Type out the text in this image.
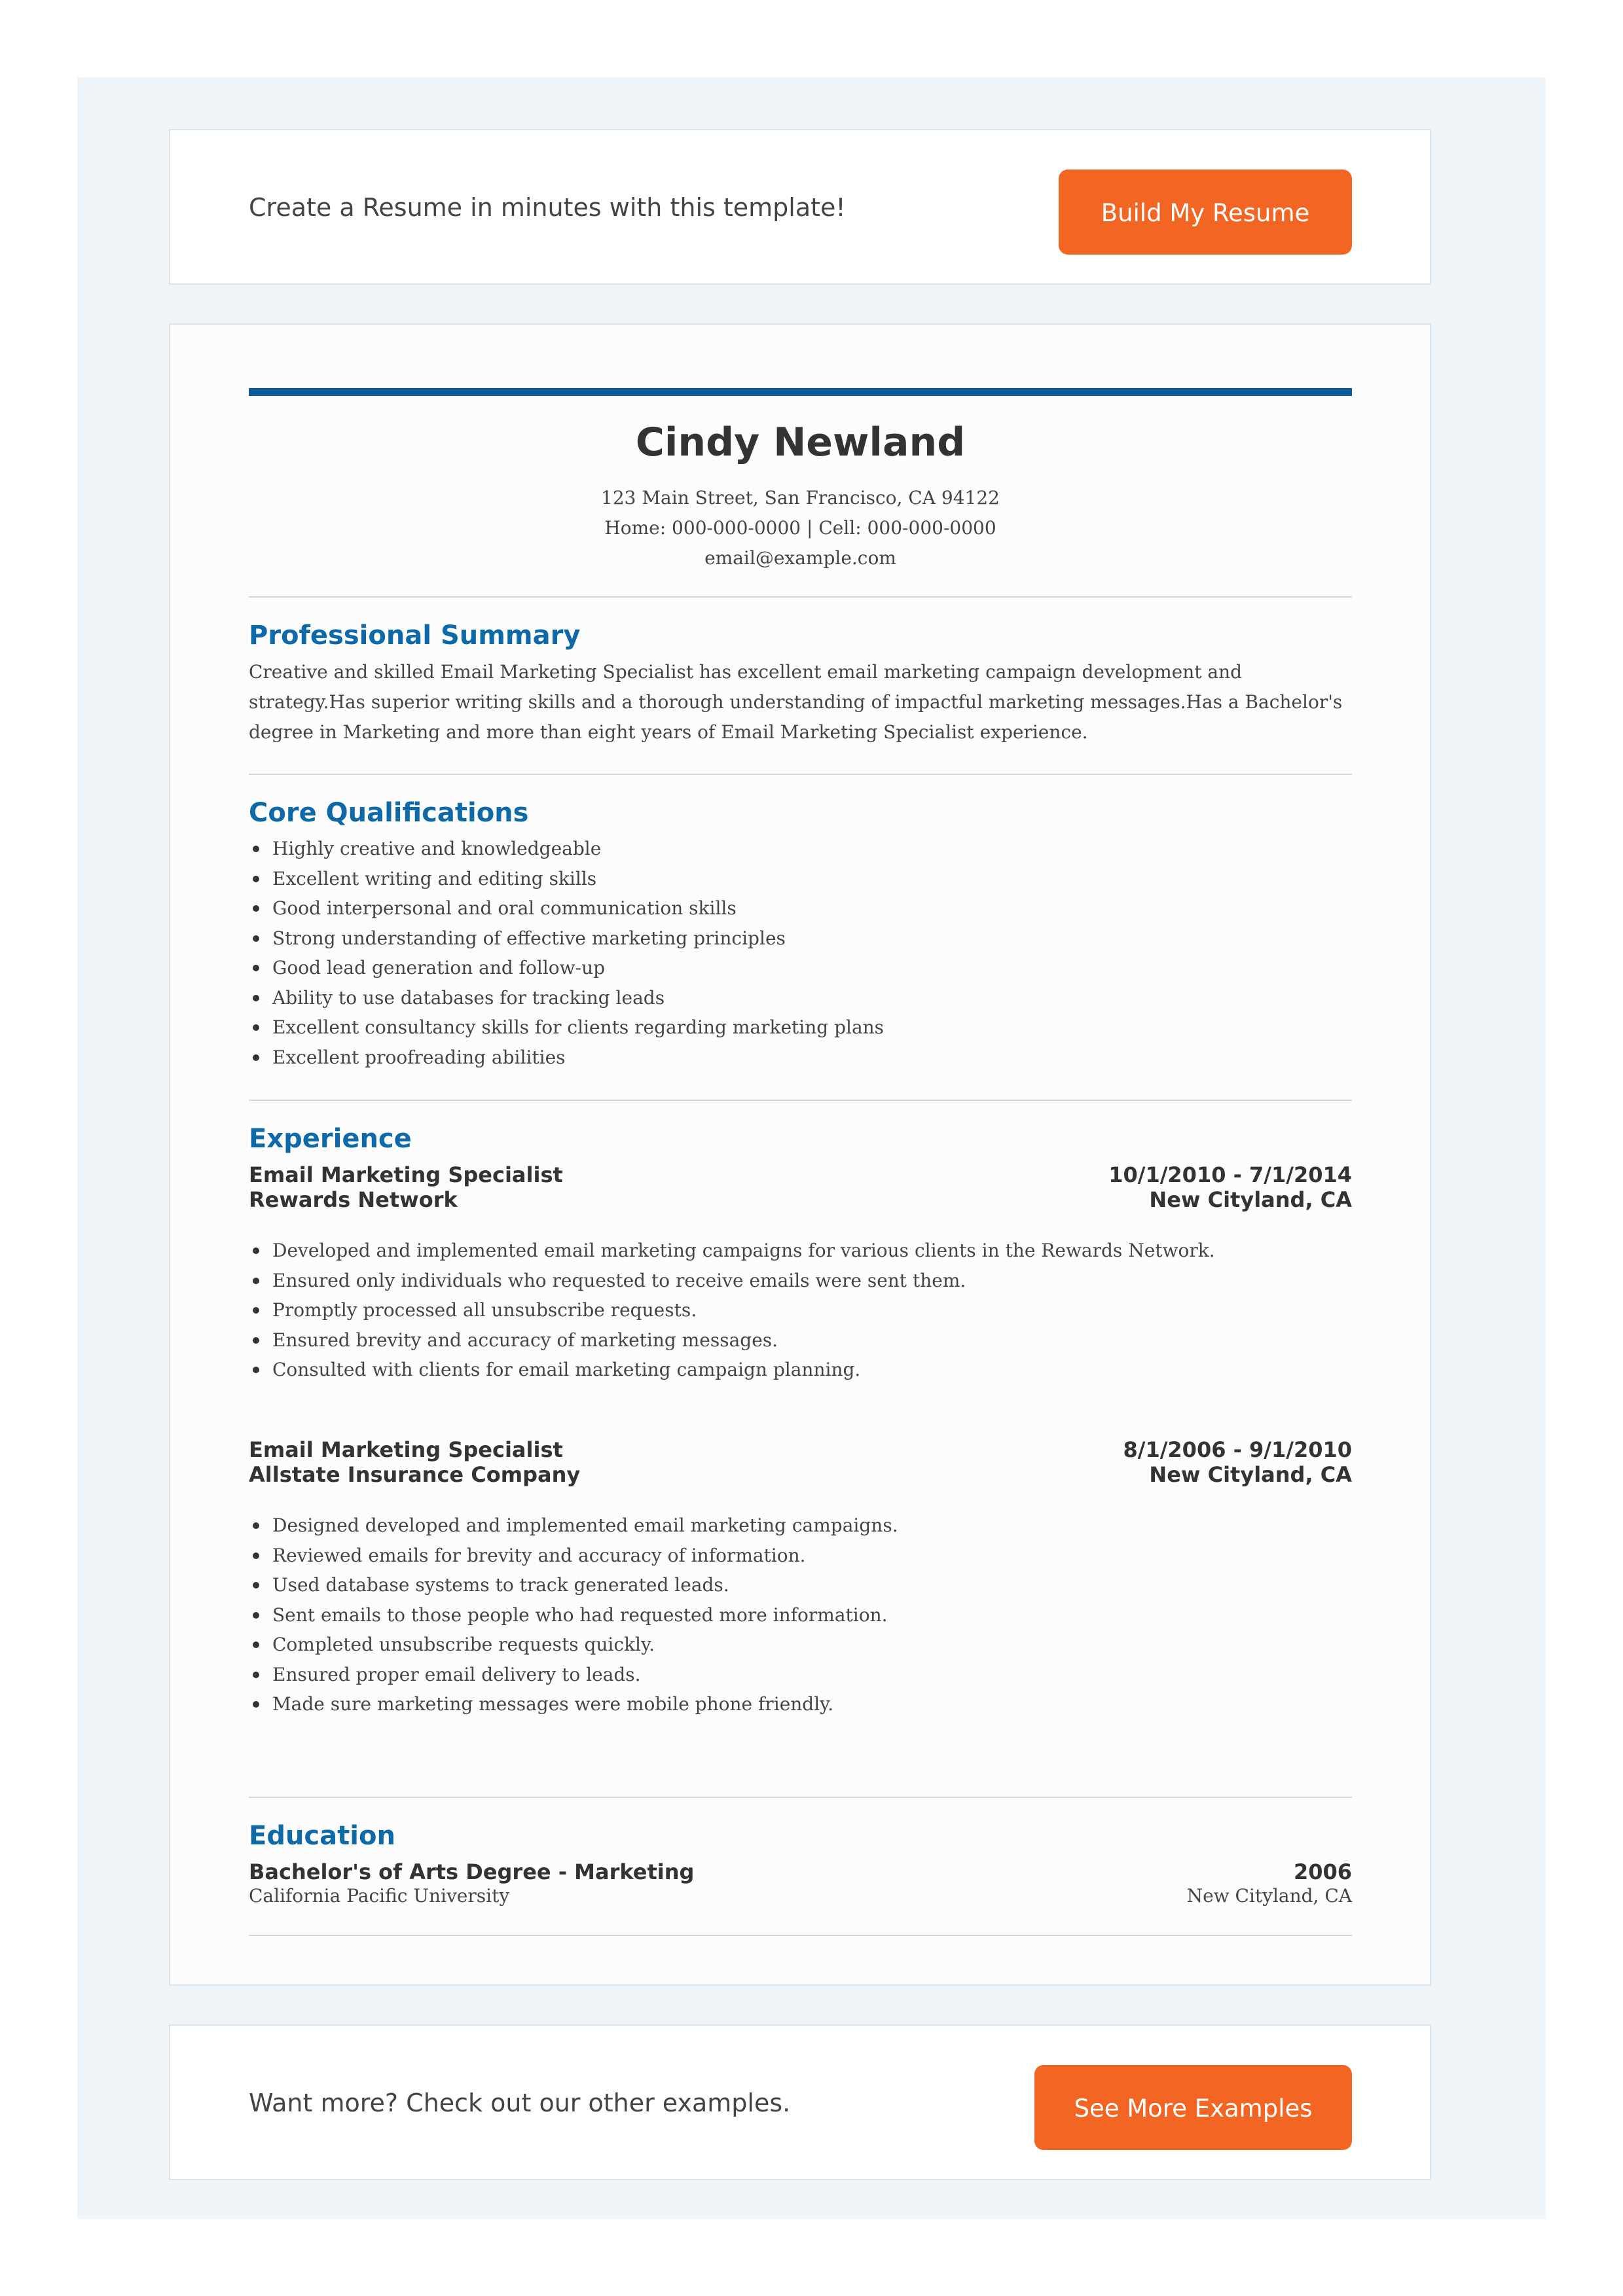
Create a Resume in minutes with this template!	Build My Resume
Cindy Newland
123 Main Street, San Francisco, CA 94122
Home: 000-000-0000 | Cell: 000-000-0000
email@example.com
Professional Summary

Creative and skilled Email Marketing Specialist has excellent email marketing campaign development and strategy.Has superior writing skills and a thorough understanding of impactful marketing messages.Has a Bachelor's degree in Marketing and more than eight years of Email Marketing Specialist experience.

Core Qualifications
Highly creative and knowledgeable
Excellent writing and editing skills
Good interpersonal and oral communication skills
Strong understanding of effective marketing principles
Good lead generation and follow-up
Ability to use databases for tracking leads
Excellent consultancy skills for clients regarding marketing plans
Excellent proofreading abilities
Experience
Email Marketing Specialist	10/1/2010 - 7/1/2014
Rewards Network	New Cityland, CA
Developed and implemented email marketing campaigns for various clients in the Rewards Network.
Ensured only individuals who requested to receive emails were sent them.
Promptly processed all unsubscribe requests.
Ensured brevity and accuracy of marketing messages.
Consulted with clients for email marketing campaign planning.
Email Marketing Specialist	8/1/2006 - 9/1/2010
Allstate Insurance Company	New Cityland, CA
Designed developed and implemented email marketing campaigns.
Reviewed emails for brevity and accuracy of information.
Used database systems to track generated leads.
Sent emails to those people who had requested more information.
Completed unsubscribe requests quickly.
Ensured proper email delivery to leads.
Made sure marketing messages were mobile phone friendly.
Education
Bachelor's of Arts Degree - Marketing	2006
California Pacific University	New Cityland, CA

Want more? Check out our other examples.	See More Examples
